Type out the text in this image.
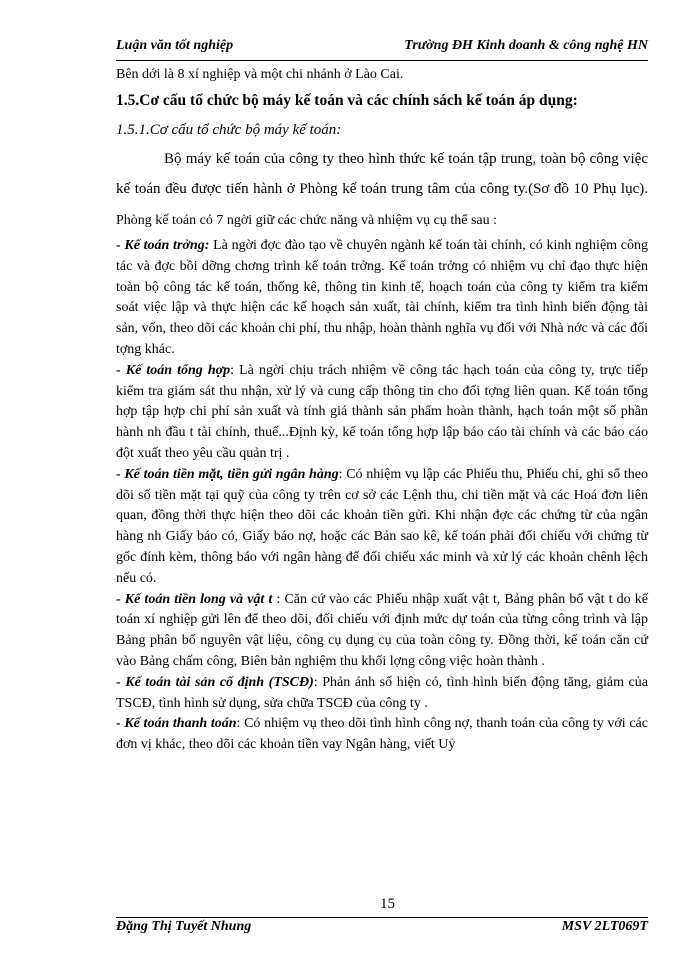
Luận văn tốt nghiệp	Trường ĐH Kinh doanh & công nghệ HN

Bên dới là 8 xí nghiệp và một chi nhánh ở Lào Cai.

1.5.Cơ cấu tổ chức bộ máy kế toán và các chính sách kế toán áp dụng:

1.5.1.Cơ cấu tổ chức bộ máy kế toán:

Bộ máy kế toán của công ty theo hình thức kế toán tập trung, toàn bộ công việc kế toán đều được tiến hành ở Phòng kế toán trung tâm của công ty.(Sơ đồ 10 Phụ lục). Phòng kế toán có 7 ngời giữ các chức năng và nhiệm vụ cụ thể sau :

- Kế toán trởng: Là ngời đợc đào tạo về chuyên ngành kế toán tài chính, có kinh nghiệm công tác và đợc bồi dỡng chơng trình kế toán trởng. Kế toán trởng có nhiệm vụ chỉ đạo thực hiện toàn bộ công tác kế toán, thống kê, thông tin kinh tế, hoạch toán của công ty kiểm tra kiểm soát việc lập và thực hiện các kế hoạch sản xuất, tài chính, kiểm tra tình hình biến động tài sản, vốn, theo dõi các khoản chi phí, thu nhập, hoàn thành nghĩa vụ đối với Nhà nớc và các đối tợng khác.

- Kế toán tổng hợp: Là ngời chịu trách nhiệm về công tác hạch toán của công ty, trực tiếp kiểm tra giám sát thu nhận, xử lý và cung cấp thông tin cho đối tợng liên quan. Kế toán tổng hợp tập hợp chi phí sản xuất và tính giá thành sản phẩm hoàn thành, hạch toán một số phần hành nh đầu t tài chính, thuế...Định kỳ, kế toán tổng hợp lập báo cáo tài chính và các báo cáo đột xuất theo yêu cầu quản trị .

- Kế toán tiền mặt, tiền gửi ngân hàng: Có nhiệm vụ lập các Phiếu thu, Phiếu chi, ghi sổ theo dõi số tiền mặt tại quỹ của công ty trên cơ sở các Lệnh thu, chi tiền mặt và các Hoá đơn liên quan, đồng thời thực hiện theo dõi các khoản tiền gửi. Khi nhận đợc các chứng từ của ngân hàng nh Giấy báo có, Giấy báo nợ, hoặc các Bản sao kê, kế toán phải đối chiếu với chứng từ gốc đính kèm, thông báo với ngân hàng để đối chiếu xác minh và xử lý các khoản chênh lệch nếu có.

- Kế toán tiền long và vật t : Căn cứ vào các Phiếu nhập xuất vật t, Bảng phân bổ vật t do kế toán xí nghiệp gửi lên để theo dõi, đối chiếu với định mức dự toán của từng công trình và lập Bảng phân bổ nguyên vật liệu, công cụ dụng cụ của toàn công ty. Đồng thời, kế toán căn cứ vào Bảng chấm công, Biên bản nghiệm thu khối lợng công việc hoàn thành .

- Kế toán tài sản cố định (TSCĐ): Phản ánh số hiện có, tình hình biến động tăng, giảm của TSCĐ, tình hình sử dụng, sửa chữa TSCĐ của công ty .

- Kế toán thanh toán: Có nhiệm vụ theo dõi tình hình công nợ, thanh toán của công ty với các đơn vị khác, theo dõi các khoản tiền vay Ngân hàng, viết Uỷ

15
Đặng Thị Tuyết Nhung	MSV 2LT069T
